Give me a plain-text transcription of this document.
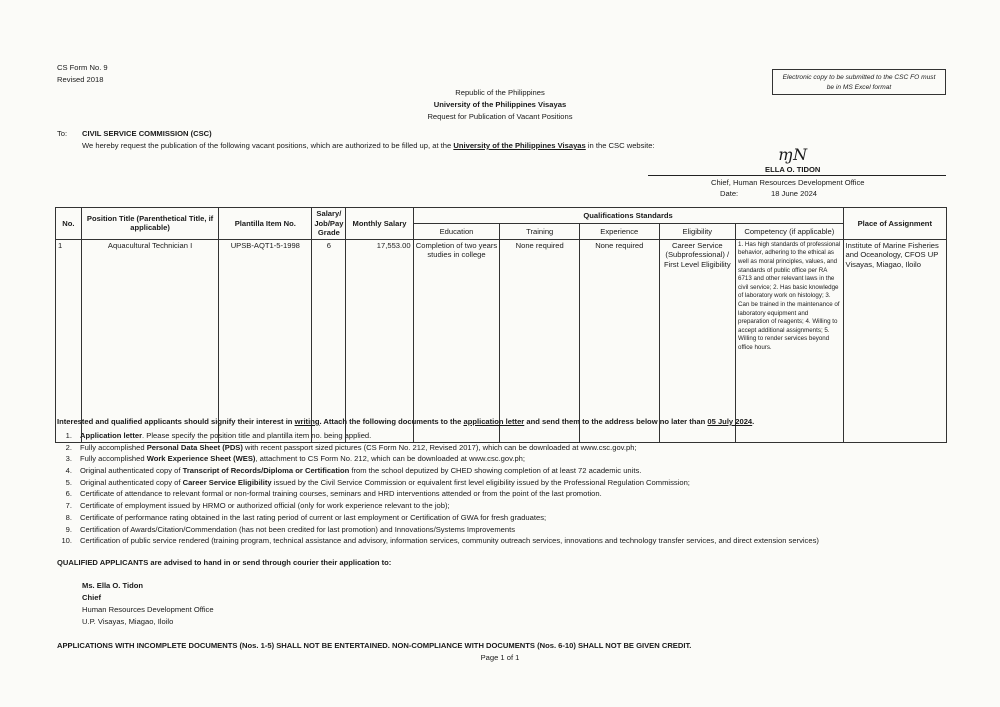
CS Form No. 9
Revised 2018	Electronic copy to be submitted to the CSC FO must
be in MS Excel format
Republic of the Philippines
University of the Philippines Visayas
Request for Publication of Vacant Positions
To: CIVIL SERVICE COMMISSION (CSC)
We hereby request the publication of the following vacant positions, which are authorized to be filled up, at the University of the Philippines Visayas in the CSC website:	ɱN
ELLA O. TIDON
Chief, Human Resources Development Office
Date:	18 June 2024
No.	Position Title (Parenthetical Title, if applicable)	Plantilla Item No.	Salary/ Job/Pay Grade	Monthly Salary	Qualifications Standards					Place of Assignment
					Education	Training	Experience	Eligibility	Competency (if applicable)	
1	Aquacultural Technician I	UPSB-AQT1-5-1998	6	17,553.00	Completion of two years studies in college	None required	None required	Career Service (Subprofessional) / First Level Eligibility	1. Has high standards of professional behavior, adhering to the ethical as well as moral principles, values, and standards of public office per RA 6713 and other relevant laws in the civil service; 2. Has basic knowledge of laboratory work on histology; 3. Can be trained in the maintenance of laboratory equipment and preparation of reagents; 4. Willing to accept additional assignments; 5. Willing to render services beyond office hours.	Institute of Marine Fisheries and Oceanology, CFOS UP Visayas, Miagao, Iloilo
Interested and qualified applicants should signify their interest in writing. Attach the following documents to the application letter and send them to the address below no later than 05 July 2024.
1. Application letter. Please specify the position title and plantilla item no. being applied.
2. Fully accomplished Personal Data Sheet (PDS) with recent passport sized pictures (CS Form No. 212, Revised 2017), which can be downloaded at www.csc.gov.ph;
3. Fully accomplished Work Experience Sheet (WES), attachment to CS Form No. 212, which can be downloaded at www.csc.gov.ph;
4. Original authenticated copy of Transcript of Records/Diploma or Certification from the school deputized by CHED showing completion of at least 72 academic units.
5. Original authenticated copy of Career Service Eligibility issued by the Civil Service Commission or equivalent first level eligibility issued by the Professional Regulation Commission;
6. Certificate of attendance to relevant formal or non-formal training courses, seminars and HRD interventions attended or from the point of the last promotion.
7. Certificate of employment issued by HRMO or authorized official (only for work experience relevant to the job);
8. Certificate of performance rating obtained in the last rating period of current or last employment or Certification of GWA for fresh graduates;
9. Certification of Awards/Citation/Commendation (has not been credited for last promotion) and Innovations/Systems Improvements
10. Certification of public service rendered (training program, technical assistance and advisory, information services, community outreach services, innovations and technology transfer services, and direct extension services)
QUALIFIED APPLICANTS are advised to hand in or send through courier their application to:
Ms. Ella O. Tidon
Chief
Human Resources Development Office
U.P. Visayas, Miagao, Iloilo
APPLICATIONS WITH INCOMPLETE DOCUMENTS (Nos. 1-5) SHALL NOT BE ENTERTAINED. NON-COMPLIANCE WITH DOCUMENTS (Nos. 6-10) SHALL NOT BE GIVEN CREDIT.
Page 1 of 1
